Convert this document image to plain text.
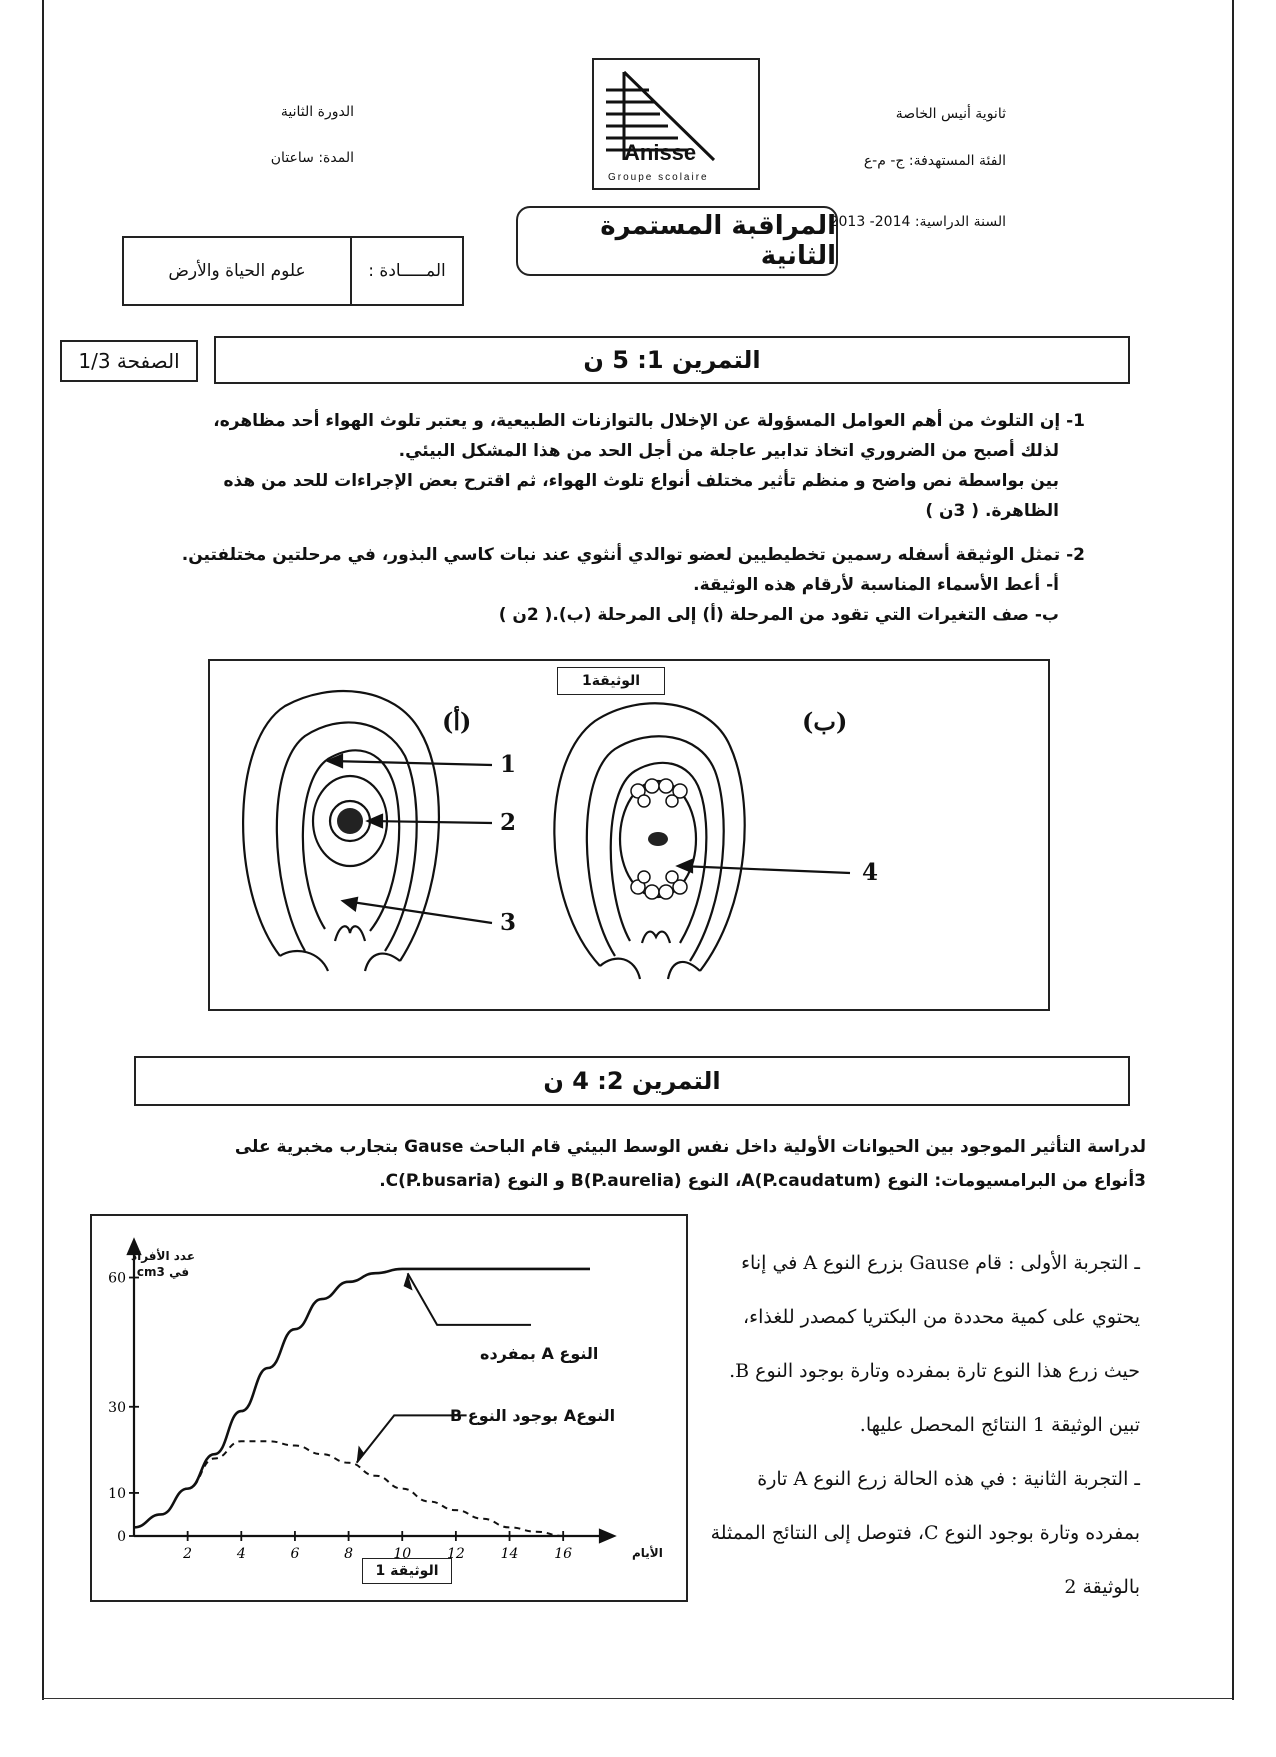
ثانوية أنيس الخاصة
الفئة المستهدفة: ج- م-ع
السنة الدراسية: 2014- 2013
الدورة الثانية
المدة: ساعتان	Anisse
Groupe scolaire
المراقبة المستمرة الثانية
المـــــادة :
علوم الحياة والأرض
الصفحة 1/3	التمرين 1: 5 ن
1- إن التلوث من أهم العوامل المسؤولة عن الإخلال بالتوازنات الطبيعية، و يعتبر تلوث الهواء أحد مظاهره،
لذلك أصبح من الضروري اتخاذ تدابير عاجلة من أجل الحد من هذا المشكل البيئي.
بين بواسطة نص واضح و منظم تأثير مختلف أنواع تلوث الهواء، ثم اقترح بعض الإجراءات للحد من هذه
الظاهرة. ( 3ن )
2- تمثل الوثيقة أسفله رسمين تخطيطيين لعضو توالدي أنثوي عند نبات كاسي البذور، في مرحلتين مختلفتين.
أ- أعط الأسماء المناسبة لأرقام هذه الوثيقة.
ب- صف التغيرات التي تقود من المرحلة (أ) إلى المرحلة (ب).( 2ن )
الوثيقة1
(أ)	(ب)
1
2
3
4
التمرين 2: 4 ن
لدراسة التأثير الموجود بين الحيوانات الأولية داخل نفس الوسط البيئي قام الباحث Gause بتجارب مخبرية على
3أنواع من البرامسيومات: النوع A(P.caudatum)، النوع B(P.aurelia) و النوع C(P.busaria).
2	4	6	8	10	12	14	16
0
10
30
60
عدد الأفراد في cm3
الأيام
الوثيقة 1
النوع A بمفرده
النوعA بوجود النوع B
ـ التجربة الأولى : قام Gause بزرع النوع A في إناء
يحتوي على كمية محددة من البكتريا كمصدر للغذاء،
حيث زرع هذا النوع تارة بمفرده وتارة بوجود النوع B.
تبين الوثيقة 1 النتائج المحصل عليها.
ـ التجربة الثانية : في هذه الحالة زرع النوع A تارة
بمفرده وتارة بوجود النوع C، فتوصل إلى النتائج الممثلة
بالوثيقة 2
